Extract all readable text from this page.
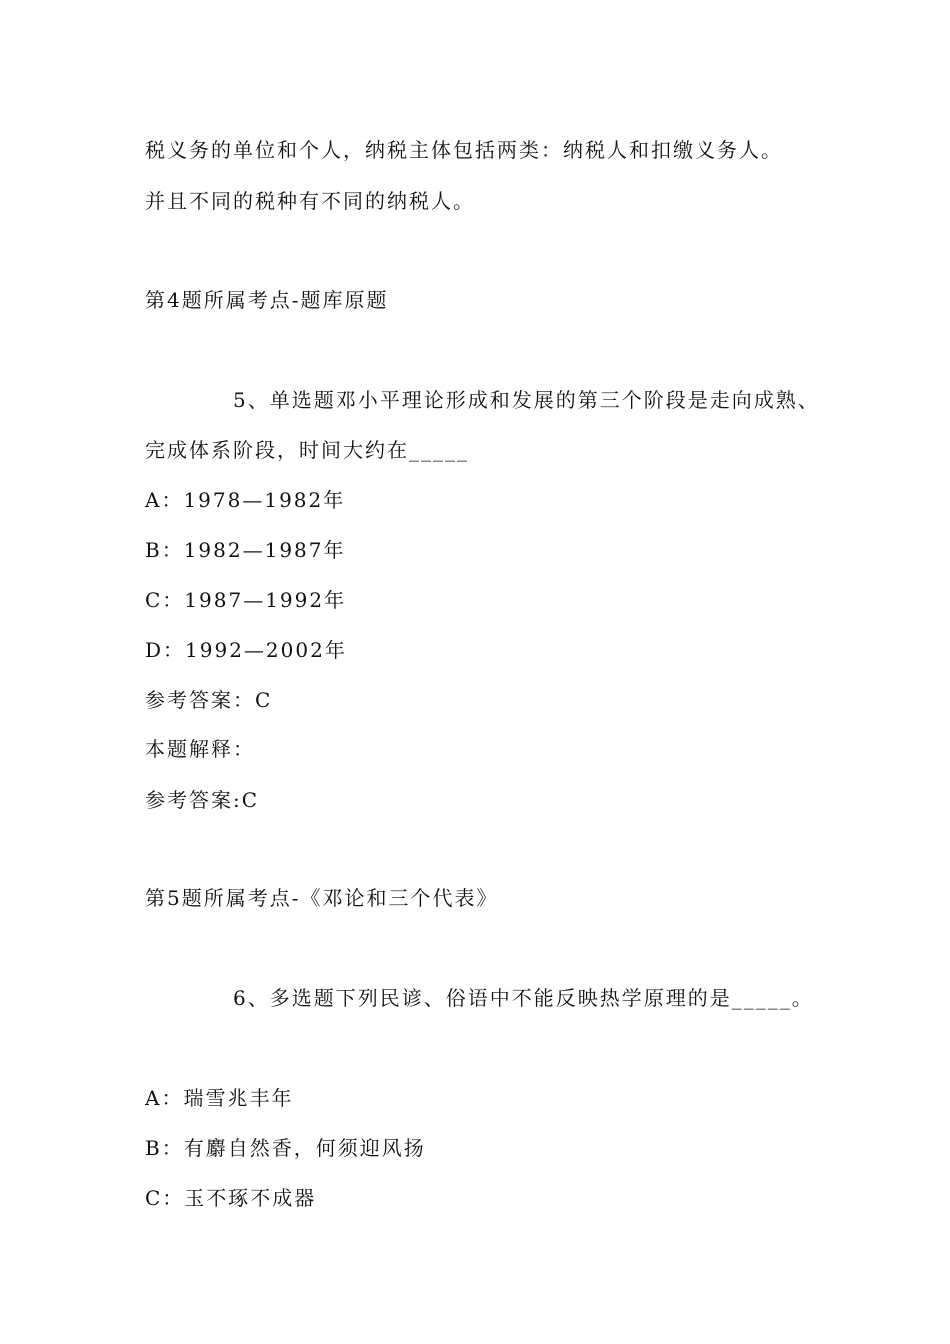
税义务的单位和个人，纳税主体包括两类：纳税人和扣缴义务人。
并且不同的税种有不同的纳税人。
第4题所属考点-题库原题
5、单选题邓小平理论形成和发展的第三个阶段是走向成熟、
完成体系阶段，时间大约在_____
A：1978—1982年
B：1982—1987年
C：1987—1992年
D：1992—2002年
参考答案：C
本题解释：
参考答案:C
第5题所属考点-《邓论和三个代表》
6、多选题下列民谚、俗语中不能反映热学原理的是_____。
A：瑞雪兆丰年
B：有麝自然香，何须迎风扬
C：玉不琢不成器
